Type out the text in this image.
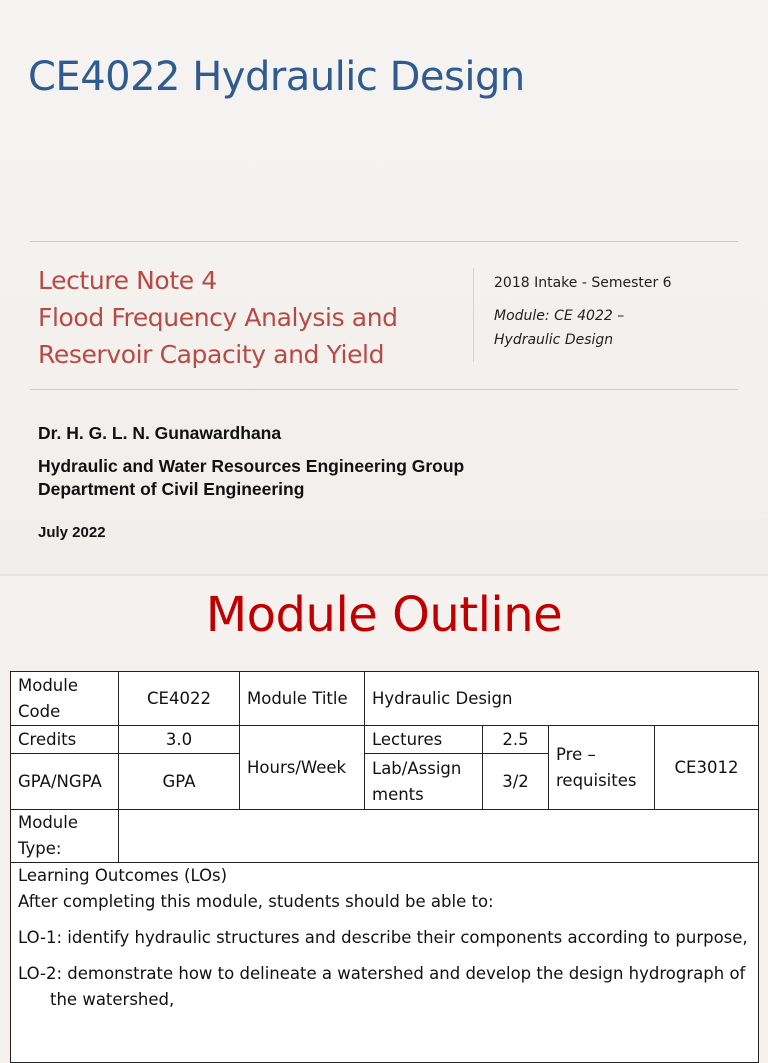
CE4022 Hydraulic Design
Lecture Note 4
Flood Frequency Analysis and
Reservoir Capacity and Yield
2018 Intake - Semester 6
Module: CE 4022 –
Hydraulic Design
Dr. H. G. L. N. Gunawardhana
Hydraulic and Water Resources Engineering Group
Department of Civil Engineering
July 2022
Module Outline
Module Code	CE4022	Module Title	Hydraulic Design			
Credits	3.0	Hours/Week	Lectures	2.5	Pre – requisites	CE3012
GPA/NGPA	GPA		Lab/Assign ments	3/2		
Module Type:						

Learning Outcomes (LOs)
After completing this module, students should be able to:
LO-1: identify hydraulic structures and describe their components according to purpose,
LO-2: demonstrate how to delineate a watershed and develop the design hydrograph of the watershed,						
